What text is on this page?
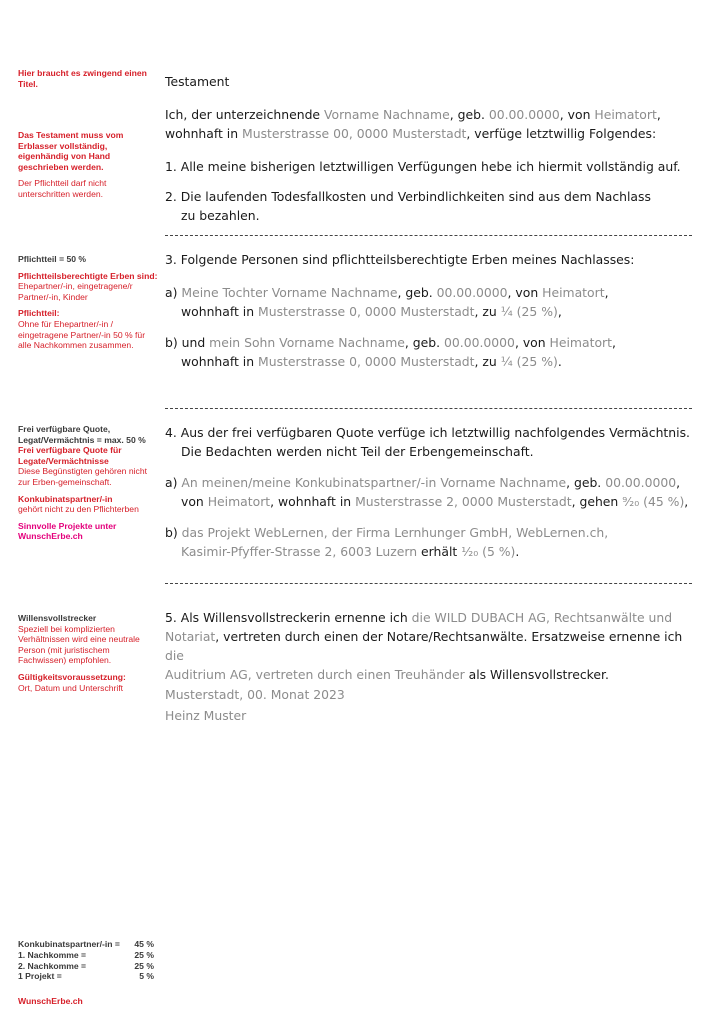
Hier braucht es zwingend einen Titel.
Das Testament muss vom Erblasser vollständig, eigenhändig von Hand geschrieben werden.
Der Pflichtteil darf nicht unterschritten werden.
Pflichtteil = 50 %
Pflichtteilsberechtigte Erben sind:
Ehepartner/-in, eingetragene/r Partner/-in, Kinder
Pflichtteil:
Ohne für Ehepartner/-in / eingetragene Partner/-in 50 % für alle Nachkommen zusammen.
Frei verfügbare Quote, Legat/Vermächtnis = max. 50 %
Frei verfügbare Quote für Legate/Vermächtnisse
Diese Begünstigten gehören nicht zur Erben-gemeinschaft.
Konkubinatspartner/-in
gehört nicht zu den Pflichterben
Sinnvolle Projekte unter WunschErbe.ch
Willensvollstrecker
Speziell bei komplizierten Verhältnissen wird eine neutrale Person (mit juristischem Fachwissen) empfohlen.
Gültigkeitsvoraussetzung:
Ort, Datum und Unterschrift
Konkubinatspartner/-in = 45 %
1. Nachkomme =	25 %
2. Nachkomme =	25 %
1 Projekt =	5 %
WunschErbe.ch
Testament
Ich, der unterzeichnende Vorname Nachname, geb. 00.00.0000, von Heimatort,
wohnhaft in Musterstrasse 00, 0000 Musterstadt, verfüge letztwillig Folgendes:
1. Alle meine bisherigen letztwilligen Verfügungen hebe ich hiermit vollständig auf.
2. Die laufenden Todesfallkosten und Verbindlichkeiten sind aus dem Nachlass
zu bezahlen.
3. Folgende Personen sind pflichtteilsberechtigte Erben meines Nachlasses:
a) Meine Tochter Vorname Nachname, geb. 00.00.0000, von Heimatort,
wohnhaft in Musterstrasse 0, 0000 Musterstadt, zu ¼ (25 %),
b) und mein Sohn Vorname Nachname, geb. 00.00.0000, von Heimatort,
wohnhaft in Musterstrasse 0, 0000 Musterstadt, zu ¼ (25 %).
4. Aus der frei verfügbaren Quote verfüge ich letztwillig nachfolgendes Vermächtnis.
Die Bedachten werden nicht Teil der Erbengemeinschaft.
a) An meinen/meine Konkubinatspartner/-in Vorname Nachname, geb. 00.00.0000,
von Heimatort, wohnhaft in Musterstrasse 2, 0000 Musterstadt, gehen ⁹⁄₂₀ (45 %),
b) das Projekt WebLernen, der Firma Lernhunger GmbH, WebLernen.ch,
Kasimir-Pfyffer-Strasse 2, 6003 Luzern erhält ¹⁄₂₀ (5 %).
5. Als Willensvollstreckerin ernenne ich die WILD DUBACH AG, Rechtsanwälte und
Notariat, vertreten durch einen der Notare/Rechtsanwälte. Ersatzweise ernenne ich die
Auditrium AG, vertreten durch einen Treuhänder als Willensvollstrecker.
Musterstadt, 00. Monat 2023
Heinz Muster
